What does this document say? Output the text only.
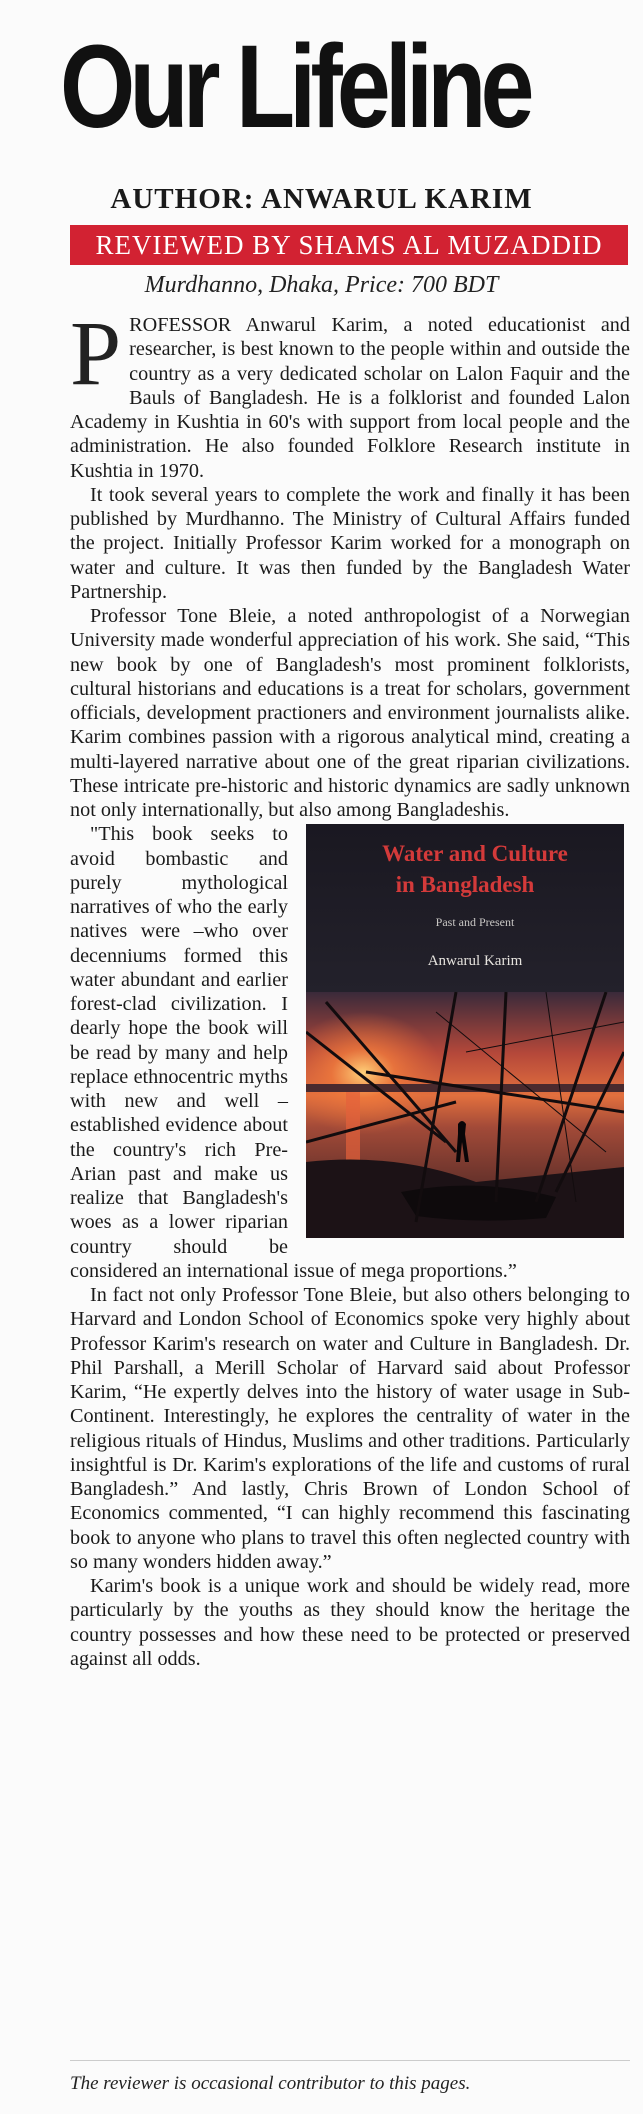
Our Lifeline
AUTHOR: ANWARUL KARIM
REVIEWED BY SHAMS AL MUZADDID
Murdhanno, Dhaka, Price: 700 BDT

PROFESSOR Anwarul Karim, a noted educationist and researcher, is best known to the people within and outside the country as a very dedicated scholar on Lalon Faquir and the Bauls of Bangladesh. He is a folklorist and founded Lalon Academy in Kushtia in 60's with support from local people and the administration. He also founded Folklore Research institute in Kushtia in 1970.

It took several years to complete the work and finally it has been published by Murdhanno. The Ministry of Cultural Affairs funded the project. Initially Professor Karim worked for a monograph on water and culture. It was then funded by the Bangladesh Water Partnership.

Professor Tone Bleie, a noted anthropologist of a Norwegian University made wonderful appreciation of his work. She said, “This new book by one of Bangladesh's most prominent folklorists, cultural historians and educations is a treat for scholars, government officials, development practioners and environment journalists alike. Karim combines passion with a rigorous analytical mind, creating a multi-layered narrative about one of the great riparian civilizations. These intricate pre-historic and historic dynamics are sadly unknown not only internationally, but also among Bangladeshis.

Water and Culture
in Bangladesh
Past and Present
Anwarul Karim
"This book seeks to avoid bombastic and purely mythological narratives of who the early natives were –who over decenniums formed this water abundant and earlier forest-clad civilization. I dearly hope the book will be read by many and help replace ethnocentric myths with new and well –established evidence about the country's rich Pre-Arian past and make us realize that Bangladesh's woes as a lower riparian country should be considered an international issue of mega proportions.”

In fact not only Professor Tone Bleie, but also others belonging to Harvard and London School of Economics spoke very highly about Professor Karim's research on water and Culture in Bangladesh. Dr. Phil Parshall, a Merill Scholar of Harvard said about Professor Karim, “He expertly delves into the history of water usage in Sub-Continent. Interestingly, he explores the centrality of water in the religious rituals of Hindus, Muslims and other traditions. Particularly insightful is Dr. Karim's explorations of the life and customs of rural Bangladesh.” And lastly, Chris Brown of London School of Economics commented, “I can highly recommend this fascinating book to anyone who plans to travel this often neglected country with so many wonders hidden away.”

Karim's book is a unique work and should be widely read, more particularly by the youths as they should know the heritage the country possesses and how these need to be protected or preserved against all odds.

The reviewer is occasional contributor to this pages.
